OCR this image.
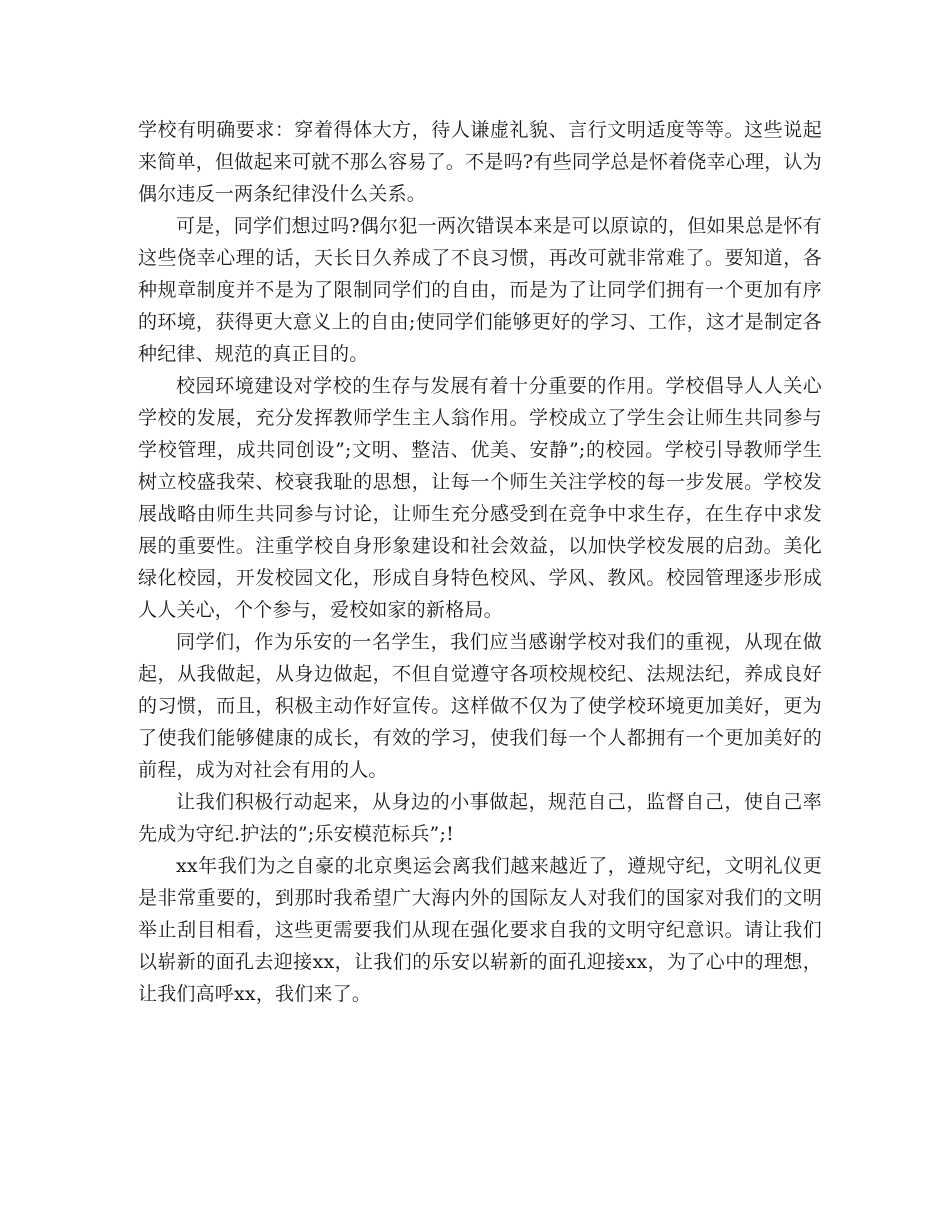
学校有明确要求：穿着得体大方，待人谦虚礼貌、言行文明适度等等。这些说起来简单，但做起来可就不那么容易了。不是吗?有些同学总是怀着侥幸心理，认为偶尔违反一两条纪律没什么关系。

可是，同学们想过吗?偶尔犯一两次错误本来是可以原谅的，但如果总是怀有这些侥幸心理的话，天长日久养成了不良习惯，再改可就非常难了。要知道，各种规章制度并不是为了限制同学们的自由，而是为了让同学们拥有一个更加有序的环境，获得更大意义上的自由;使同学们能够更好的学习、工作，这才是制定各种纪律、规范的真正目的。

校园环境建设对学校的生存与发展有着十分重要的作用。学校倡导人人关心学校的发展，充分发挥教师学生主人翁作用。学校成立了学生会让师生共同参与学校管理，成共同创设”;文明、整洁、优美、安静”;的校园。学校引导教师学生树立校盛我荣、校衰我耻的思想，让每一个师生关注学校的每一步发展。学校发展战略由师生共同参与讨论，让师生充分感受到在竞争中求生存，在生存中求发展的重要性。注重学校自身形象建设和社会效益，以加快学校发展的启劲。美化绿化校园，开发校园文化，形成自身特色校风、学风、教风。校园管理逐步形成人人关心，个个参与，爱校如家的新格局。

同学们，作为乐安的一名学生，我们应当感谢学校对我们的重视，从现在做起，从我做起，从身边做起，不但自觉遵守各项校规校纪、法规法纪，养成良好的习惯，而且，积极主动作好宣传。这样做不仅为了使学校环境更加美好，更为了使我们能够健康的成长，有效的学习，使我们每一个人都拥有一个更加美好的前程，成为对社会有用的人。

让我们积极行动起来，从身边的小事做起，规范自己，监督自己，使自己率先成为守纪.护法的”;乐安模范标兵”;!

xx年我们为之自豪的北京奥运会离我们越来越近了，遵规守纪，文明礼仪更是非常重要的，到那时我希望广大海内外的国际友人对我们的国家对我们的文明举止刮目相看，这些更需要我们从现在强化要求自我的文明守纪意识。请让我们以崭新的面孔去迎接xx，让我们的乐安以崭新的面孔迎接xx，为了心中的理想，让我们高呼xx，我们来了。
